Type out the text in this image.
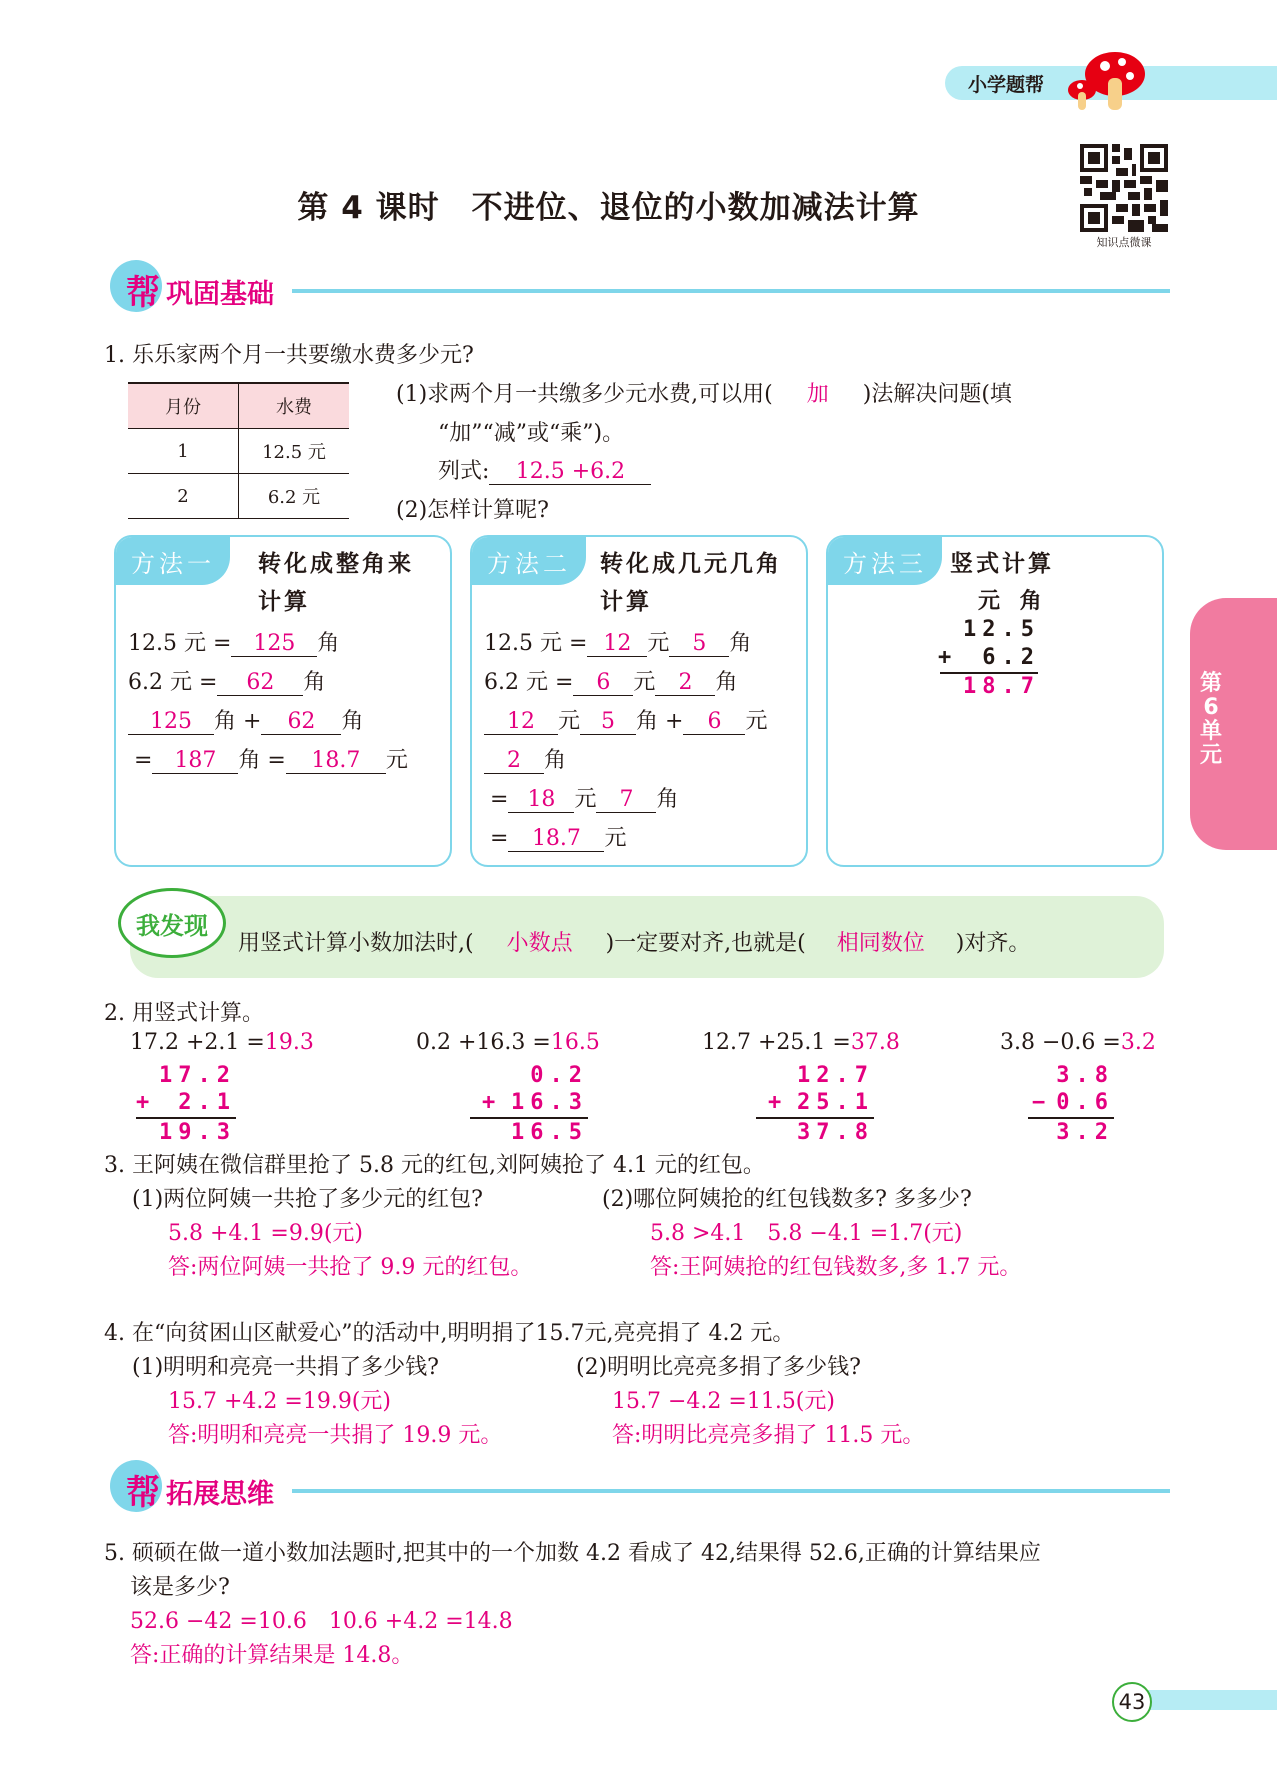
小学题帮
第 4 课时　不进位、退位的小数加减法计算
知识点微课
帮 巩固基础
1. 乐乐家两个月一共要缴水费多少元?
月份	水费
1	12.5 元
2	6.2 元
(1)求两个月一共缴多少元水费,可以用( 加 )法解决问题(填
“加”“减”或“乘”)。
列式: 12.5 +6.2
(2)怎样计算呢?
方法一	转化成整角来
计算
12.5 元 = 125 角
6.2 元 = 62 角
125 角 + 62 角
= 187 角 = 18.7 元
方法二	转化成几元几角
计算
12.5 元 = 12 元 5 角
6.2 元 = 6 元 2 角
12 元 5 角 + 6 元
2 角
= 18 元 7 角
= 18.7 元
方法三	竖式计算
元 角
12.5
+	6.2
18.7	第6单元
我发现
用竖式计算小数加法时,( 小数点 )一定要对齐,也就是( 相同数位 )对齐。
2. 用竖式计算。
17.2 +2.1 =19.3	0.2 +16.3 =16.5	12.7 +25.1 =37.8	3.8 −0.6 =3.2
17.2
+ 2.1
19.3
0.2
+ 16.3
16.5
12.7
+ 25.1
37.8
3.8
− 0.6
3.2
3. 王阿姨在微信群里抢了 5.8 元的红包,刘阿姨抢了 4.1 元的红包。
(1)两位阿姨一共抢了多少元的红包?
5.8 +4.1 =9.9(元)
答:两位阿姨一共抢了 9.9 元的红包。
(2)哪位阿姨抢的红包钱数多? 多多少?
5.8 >4.1　5.8 −4.1 =1.7(元)
答:王阿姨抢的红包钱数多,多 1.7 元。
4. 在“向贫困山区献爱心”的活动中,明明捐了15.7元,亮亮捐了 4.2 元。
(1)明明和亮亮一共捐了多少钱?
15.7 +4.2 =19.9(元)
答:明明和亮亮一共捐了 19.9 元。
(2)明明比亮亮多捐了多少钱?
15.7 −4.2 =11.5(元)
答:明明比亮亮多捐了 11.5 元。
帮 拓展思维
5. 硕硕在做一道小数加法题时,把其中的一个加数 4.2 看成了 42,结果得 52.6,正确的计算结果应
该是多少?
52.6 −42 =10.6　10.6 +4.2 =14.8
答:正确的计算结果是 14.8。
43
